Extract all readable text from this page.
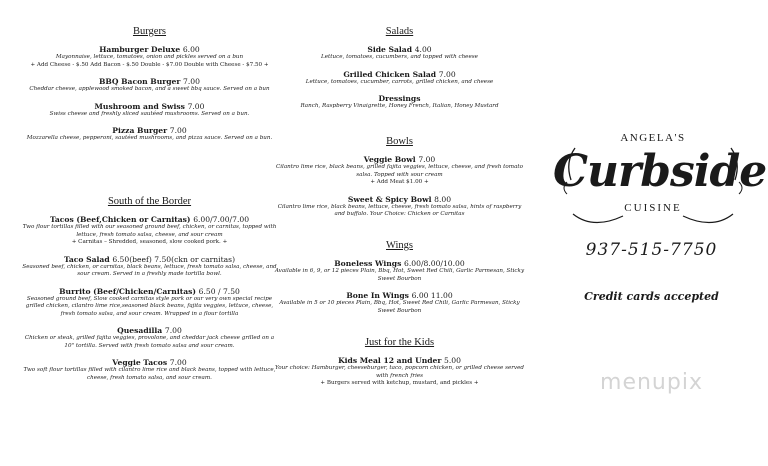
Burgers

Hamburger Deluxe 6.00

Mayonnaise, lettuce, tomatoes, onion and pickles served on a bun

+ Add Cheese - $.50 Add Bacon - $.50 Double - $7.00 Double with Cheese - $7.50 +

BBQ Bacon Burger 7.00

Cheddar cheese, applewood smoked bacon, and a sweet bbq sauce. Served on a bun

Mushroom and Swiss 7.00

Swiss cheese and freshly sliced sautéed mushrooms. Served on a bun.

Pizza Burger 7.00

Mozzarella cheese, pepperoni, sautéed mushrooms, and pizza sauce. Served on a bun.

South of the Border

Tacos (Beef,Chicken or Carnitas) 6.00/7.00/7.00

Two flour tortillas filled with our seasoned ground beef, chicken, or carnitas, topped with lettuce, fresh tomato salsa, cheese, and sour cream

+ Carnitas – Shredded, seasoned, slow cooked pork. +

Taco Salad 6.50(beef) 7.50(ckn or carnitas)

Seasoned beef, chicken, or carnitas, black beans, lettuce, fresh tomato salsa, cheese, and sour cream. Served in a freshly made tortilla bowl.

Burrito (Beef/Chicken/Carnitas) 6.50 / 7.50

Seasoned ground beef, Slow cooked carnitas style pork or our very own special recipe grilled chicken, cilantro lime rice,seasoned black beans, fajita veggies, lettuce, cheese, fresh tomato salsa, and sour cream. Wrapped in a flour tortilla

Quesadilla 7.00

Chicken or steak, grilled fajita veggies, provolone, and cheddar jack cheese grilled on a 10" tortilla. Served with fresh tomato salsa and sour cream.

Veggie Tacos 7.00

Two soft flour tortillas filled with cilantro lime rice and black beans, topped with lettuce, cheese, fresh tomato salsa, and sour cream.

Salads

Side Salad 4.00

Lettuce, tomatoes, cucumbers, and topped with cheese

Grilled Chicken Salad 7.00

Lettuce, tomatoes, cucumber, carrots, grilled chicken, and cheese

Dressings

Ranch, Raspberry Vinaigrette, Honey French, Italian, Honey Mustard

Bowls

Veggie Bowl 7.00

Cilantro lime rice, black beans, grilled fajita veggies, lettuce, cheese, and fresh tomato salsa. Topped with sour cream

+ Add Meat $1.00 +

Sweet & Spicy Bowl 8.00

Cilantro lime rice, black beans, lettuce, cheese, fresh tomato salsa, hints of raspberry and buffalo. Your Choice: Chicken or Carnitas

Wings

Boneless Wings 6.00/8.00/10.00

Available in 6, 9, or 12 pieces Plain, Bbq, Hot, Sweet Red Chili, Garlic Parmesan, Sticky Sweet Bourbon

Bone In Wings 6.00 11.00

Available in 5 or 10 pieces Plain, Bbq, Hot, Sweet Red Chili, Garlic Parmesan, Sticky Sweet Bourbon

Just for the Kids

Kids Meal 12 and Under 5.00

Your choice: Hamburger, cheeseburger, taco, popcorn chicken, or grilled cheese served with french fries

+ Burgers served with ketchup, mustard, and pickles +

ANGELA'S
Curbside
CUISINE
937-515-7750
Credit cards accepted
menupix
